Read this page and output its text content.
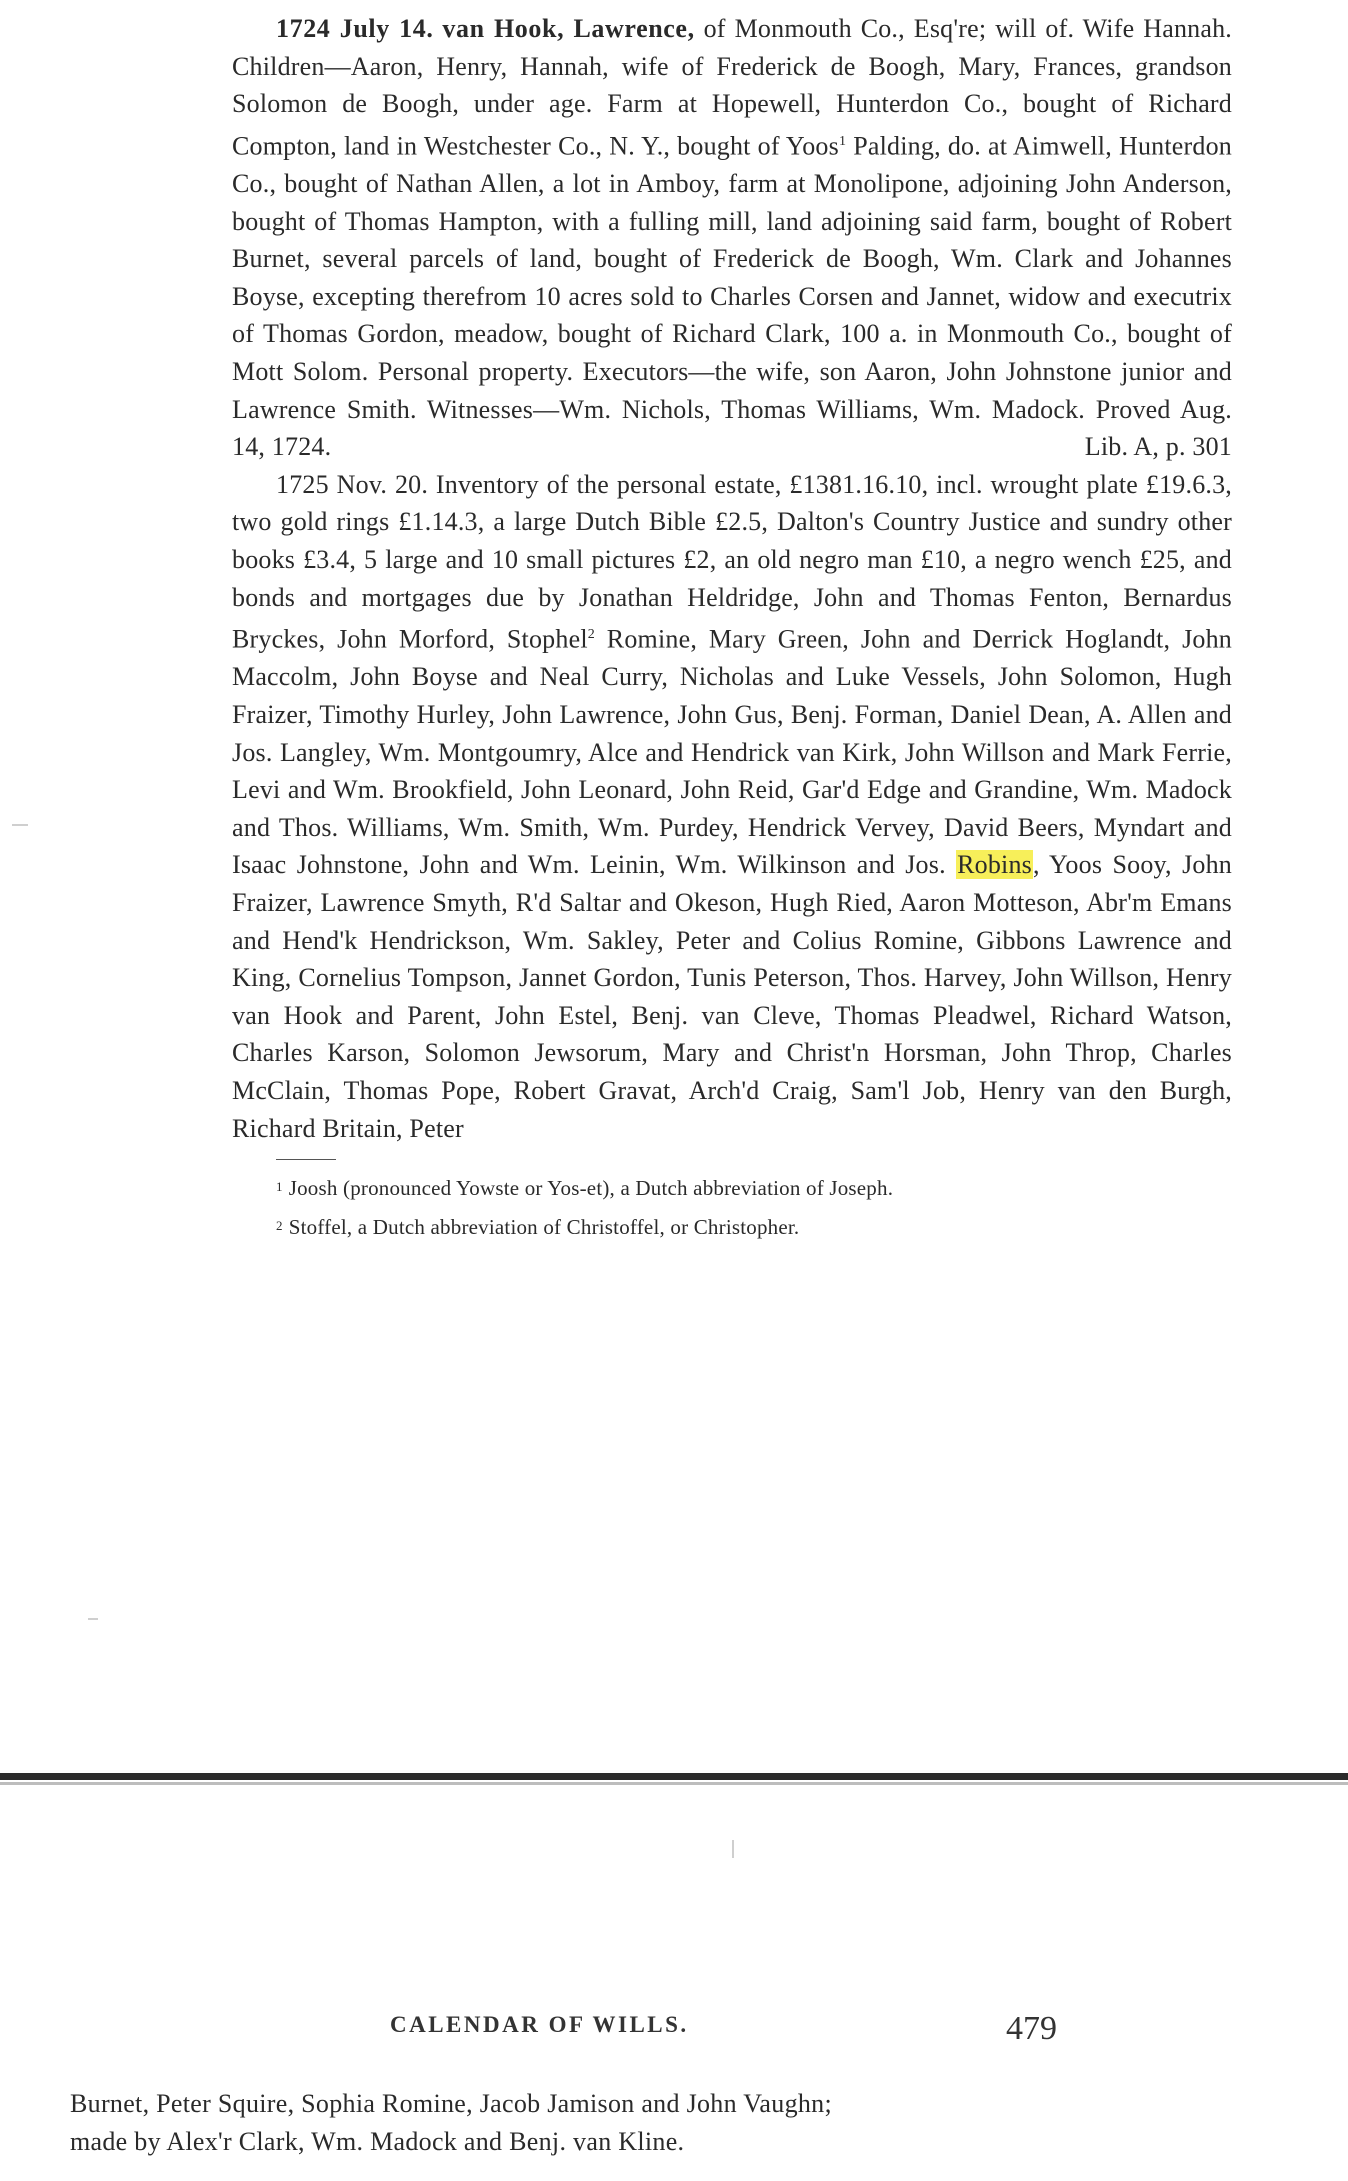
1724 July 14. van Hook, Lawrence, of Monmouth Co., Esq're; will of. Wife Hannah. Children—Aaron, Henry, Hannah, wife of Frederick de Boogh, Mary, Frances, grandson Solomon de Boogh, under age. Farm at Hopewell, Hunterdon Co., bought of Richard Compton, land in Westchester Co., N. Y., bought of Yoos$^1$ Palding, do. at Aimwell, Hunterdon Co., bought of Nathan Allen, a lot in Amboy, farm at Monolipone, adjoining John Anderson, bought of Thomas Hampton, with a fulling mill, land adjoining said farm, bought of Robert Burnet, several parcels of land, bought of Frederick de Boogh, Wm. Clark and Johannes Boyse, excepting therefrom 10 acres sold to Charles Corsen and Jannet, widow and executrix of Thomas Gordon, meadow, bought of Richard Clark, 100 a. in Monmouth Co., bought of Mott Solom. Personal property. Executors—the wife, son Aaron, John Johnstone junior and Lawrence Smith. Witnesses—Wm. Nichols, Thomas Williams, Wm. Madock. Proved Aug. 14, 1724.	Lib. A, p. 301

1725 Nov. 20. Inventory of the personal estate, £1381.16.10, incl. wrought plate £19.6.3, two gold rings £1.14.3, a large Dutch Bible £2.5, Dalton's Country Justice and sundry other books £3.4, 5 large and 10 small pictures £2, an old negro man £10, a negro wench £25, and bonds and mortgages due by Jonathan Heldridge, John and Thomas Fenton, Bernardus Bryckes, John Morford, Stophel$^2$ Romine, Mary Green, John and Derrick Hoglandt, John Maccolm, John Boyse and Neal Curry, Nicholas and Luke Vessels, John Solomon, Hugh Fraizer, Timothy Hurley, John Lawrence, John Gus, Benj. Forman, Daniel Dean, A. Allen and Jos. Langley, Wm. Montgoumry, Alce and Hendrick van Kirk, John Willson and Mark Ferrie, Levi and Wm. Brookfield, John Leonard, John Reid, Gar'd Edge and Grandine, Wm. Madock and Thos. Williams, Wm. Smith, Wm. Purdey, Hendrick Vervey, David Beers, Myndart and Isaac Johnstone, John and Wm. Leinin, Wm. Wilkinson and Jos. Robins, Yoos Sooy, John Fraizer, Lawrence Smyth, R'd Saltar and Okeson, Hugh Ried, Aaron Motteson, Abr'm Emans and Hend'k Hendrickson, Wm. Sakley, Peter and Colius Romine, Gibbons Lawrence and King, Cornelius Tompson, Jannet Gordon, Tunis Peterson, Thos. Harvey, John Willson, Henry van Hook and Parent, John Estel, Benj. van Cleve, Thomas Pleadwel, Richard Watson, Charles Karson, Solomon Jewsorum, Mary and Christ'n Horsman, John Throp, Charles McClain, Thomas Pope, Robert Gravat, Arch'd Craig, Sam'l Job, Henry van den Burgh, Richard Britain, Peter

$^1$ Joosh (pronounced Yowste or Yos-et), a Dutch abbreviation of Joseph.

$^2$ Stoffel, a Dutch abbreviation of Christoffel, or Christopher.

CALENDAR OF WILLS.	479

Burnet, Peter Squire, Sophia Romine, Jacob Jamison and John Vaughn;

made by Alex'r Clark, Wm. Madock and Benj. van Kline.
